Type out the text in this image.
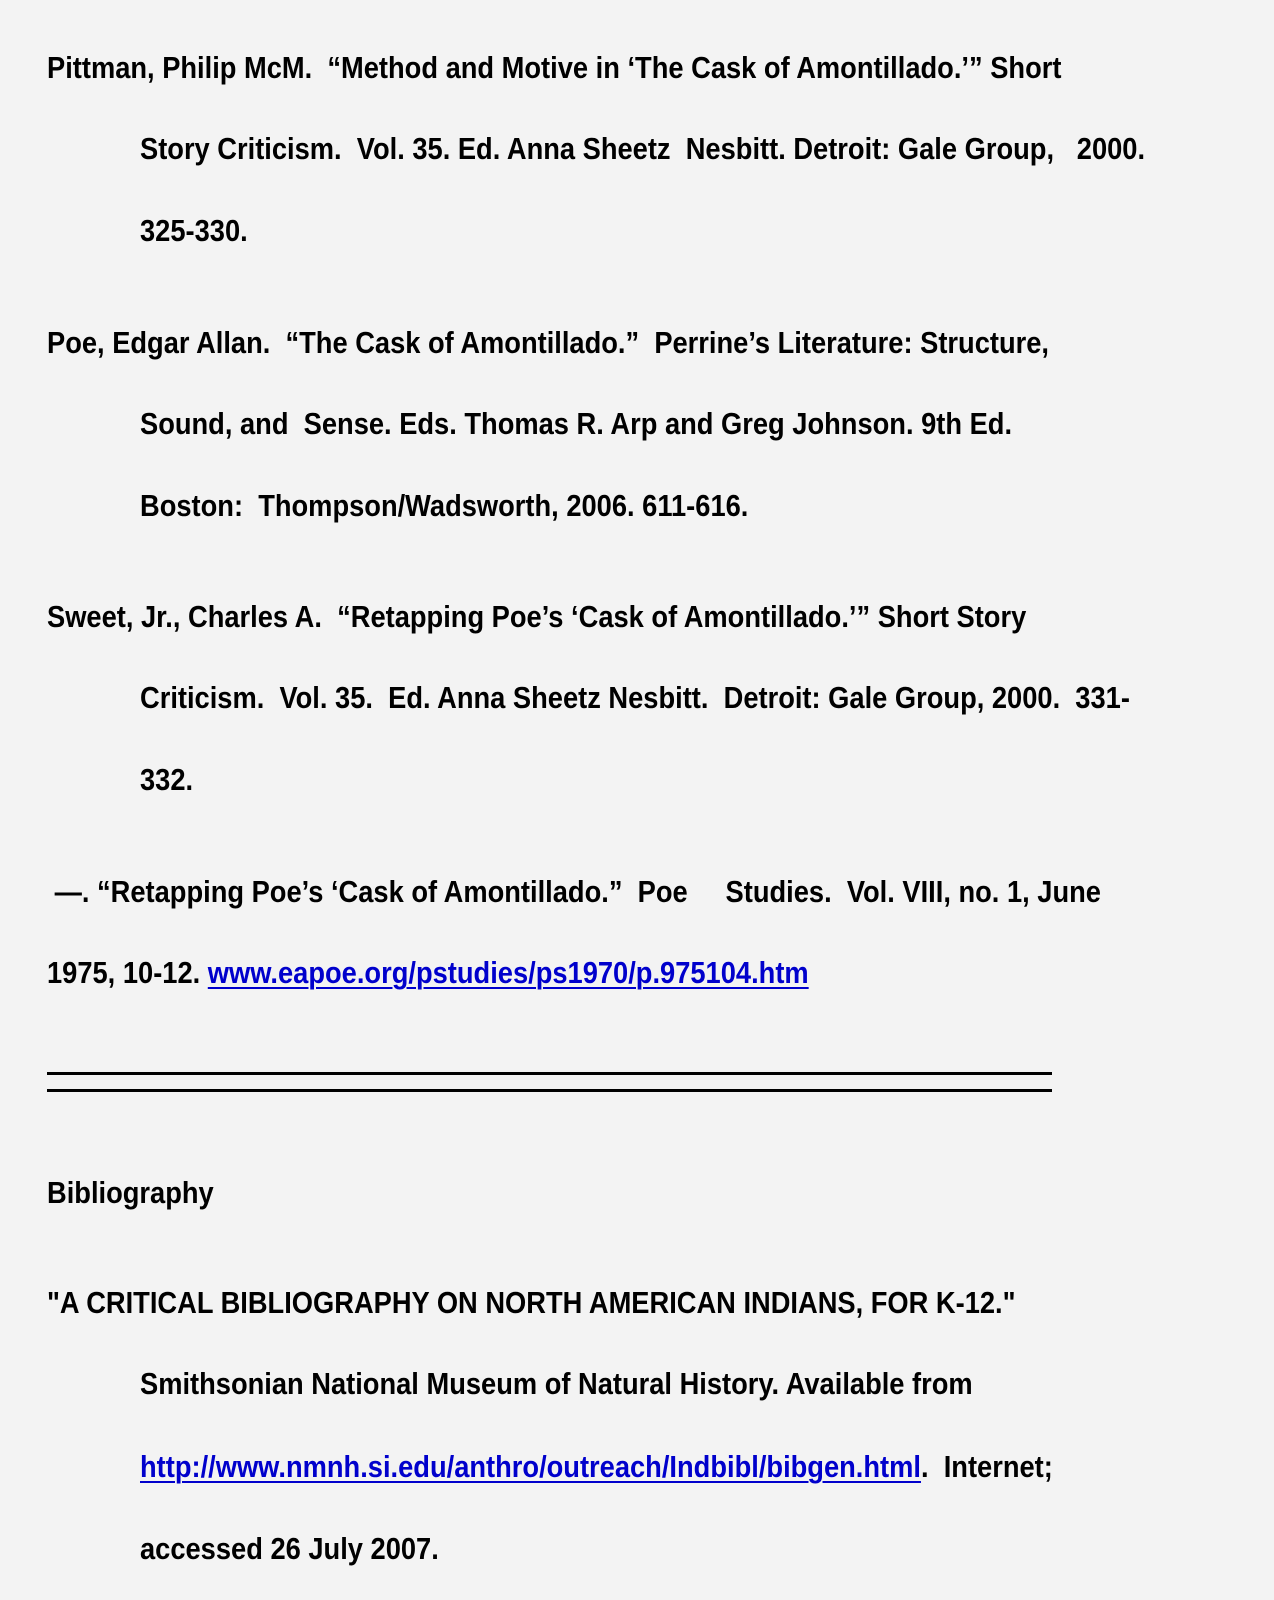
Pittman, Philip McM.  “Method and Motive in ‘The Cask of Amontillado.’” Short
Story Criticism.  Vol. 35. Ed. Anna Sheetz  Nesbitt. Detroit: Gale Group,   2000.
325-330.
Poe, Edgar Allan.  “The Cask of Amontillado.”  Perrine’s Literature: Structure,
Sound, and  Sense. Eds. Thomas R. Arp and Greg Johnson. 9th Ed.
Boston:  Thompson/Wadsworth, 2006. 611-616.
Sweet, Jr., Charles A.  “Retapping Poe’s ‘Cask of Amontillado.’” Short Story
Criticism.  Vol. 35.  Ed. Anna Sheetz Nesbitt.  Detroit: Gale Group, 2000.  331-
332.
—. “Retapping Poe’s ‘Cask of Amontillado.”  Poe     Studies.  Vol. VIII, no. 1, June
1975, 10-12. www.eapoe.org/pstudies/ps1970/p.975104.htm
Bibliography
"A CRITICAL BIBLIOGRAPHY ON NORTH AMERICAN INDIANS, FOR K-12."
Smithsonian National Museum of Natural History. Available from
http://www.nmnh.si.edu/anthro/outreach/Indbibl/bibgen.html.  Internet;
accessed 26 July 2007.
